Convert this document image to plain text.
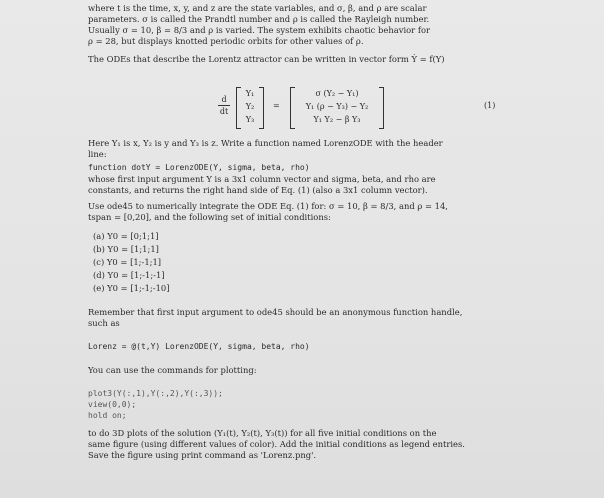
where t is the time, x, y, and z are the state variables, and σ, β, and ρ are scalar
parameters. σ is called the Prandtl number and ρ is called the Rayleigh number.
Usually σ = 10, β = 8/3 and ρ is varied. The system exhibits chaotic behavior for
ρ = 28, but displays knotted periodic orbits for other values of ρ.
The ODEs that describe the Lorentz attractor can be written in vector form Ẏ = f(Y)
d
dt
Y₁
Y₂
Y₃
=
σ (Y₂ − Y₁)
Y₁ (ρ − Y₃) − Y₂
Y₁ Y₂ − β Y₃
(1)
Here Y₁ is x, Y₂ is y and Y₃ is z. Write a function named LorenzODE with the header
line:
function dotY = LorenzODE(Y, sigma, beta, rho)
whose first input argument Y is a 3x1 column vector and sigma, beta, and rho are
constants, and returns the right hand side of Eq. (1) (also a 3x1 column vector).
Use ode45 to numerically integrate the ODE Eq. (1) for: σ = 10, β = 8/3, and ρ = 14,
tspan = [0,20], and the following set of initial conditions:
(a) Y0 = [0;1;1]
(b) Y0 = [1;1;1]
(c) Y0 = [1;-1;1]
(d) Y0 = [1;-1;-1]
(e) Y0 = [1;-1;-10]
Remember that first input argument to ode45 should be an anonymous function handle,
such as
Lorenz = @(t,Y) LorenzODE(Y, sigma, beta, rho)
You can use the commands for plotting:
plot3(Y(:,1),Y(:,2),Y(:,3));
view(0,0);
hold on;
to do 3D plots of the solution (Y₁(t), Y₂(t), Y₃(t)) for all five initial conditions on the
same figure (using different values of color). Add the initial conditions as legend entries.
Save the figure using print command as 'Lorenz.png'.
